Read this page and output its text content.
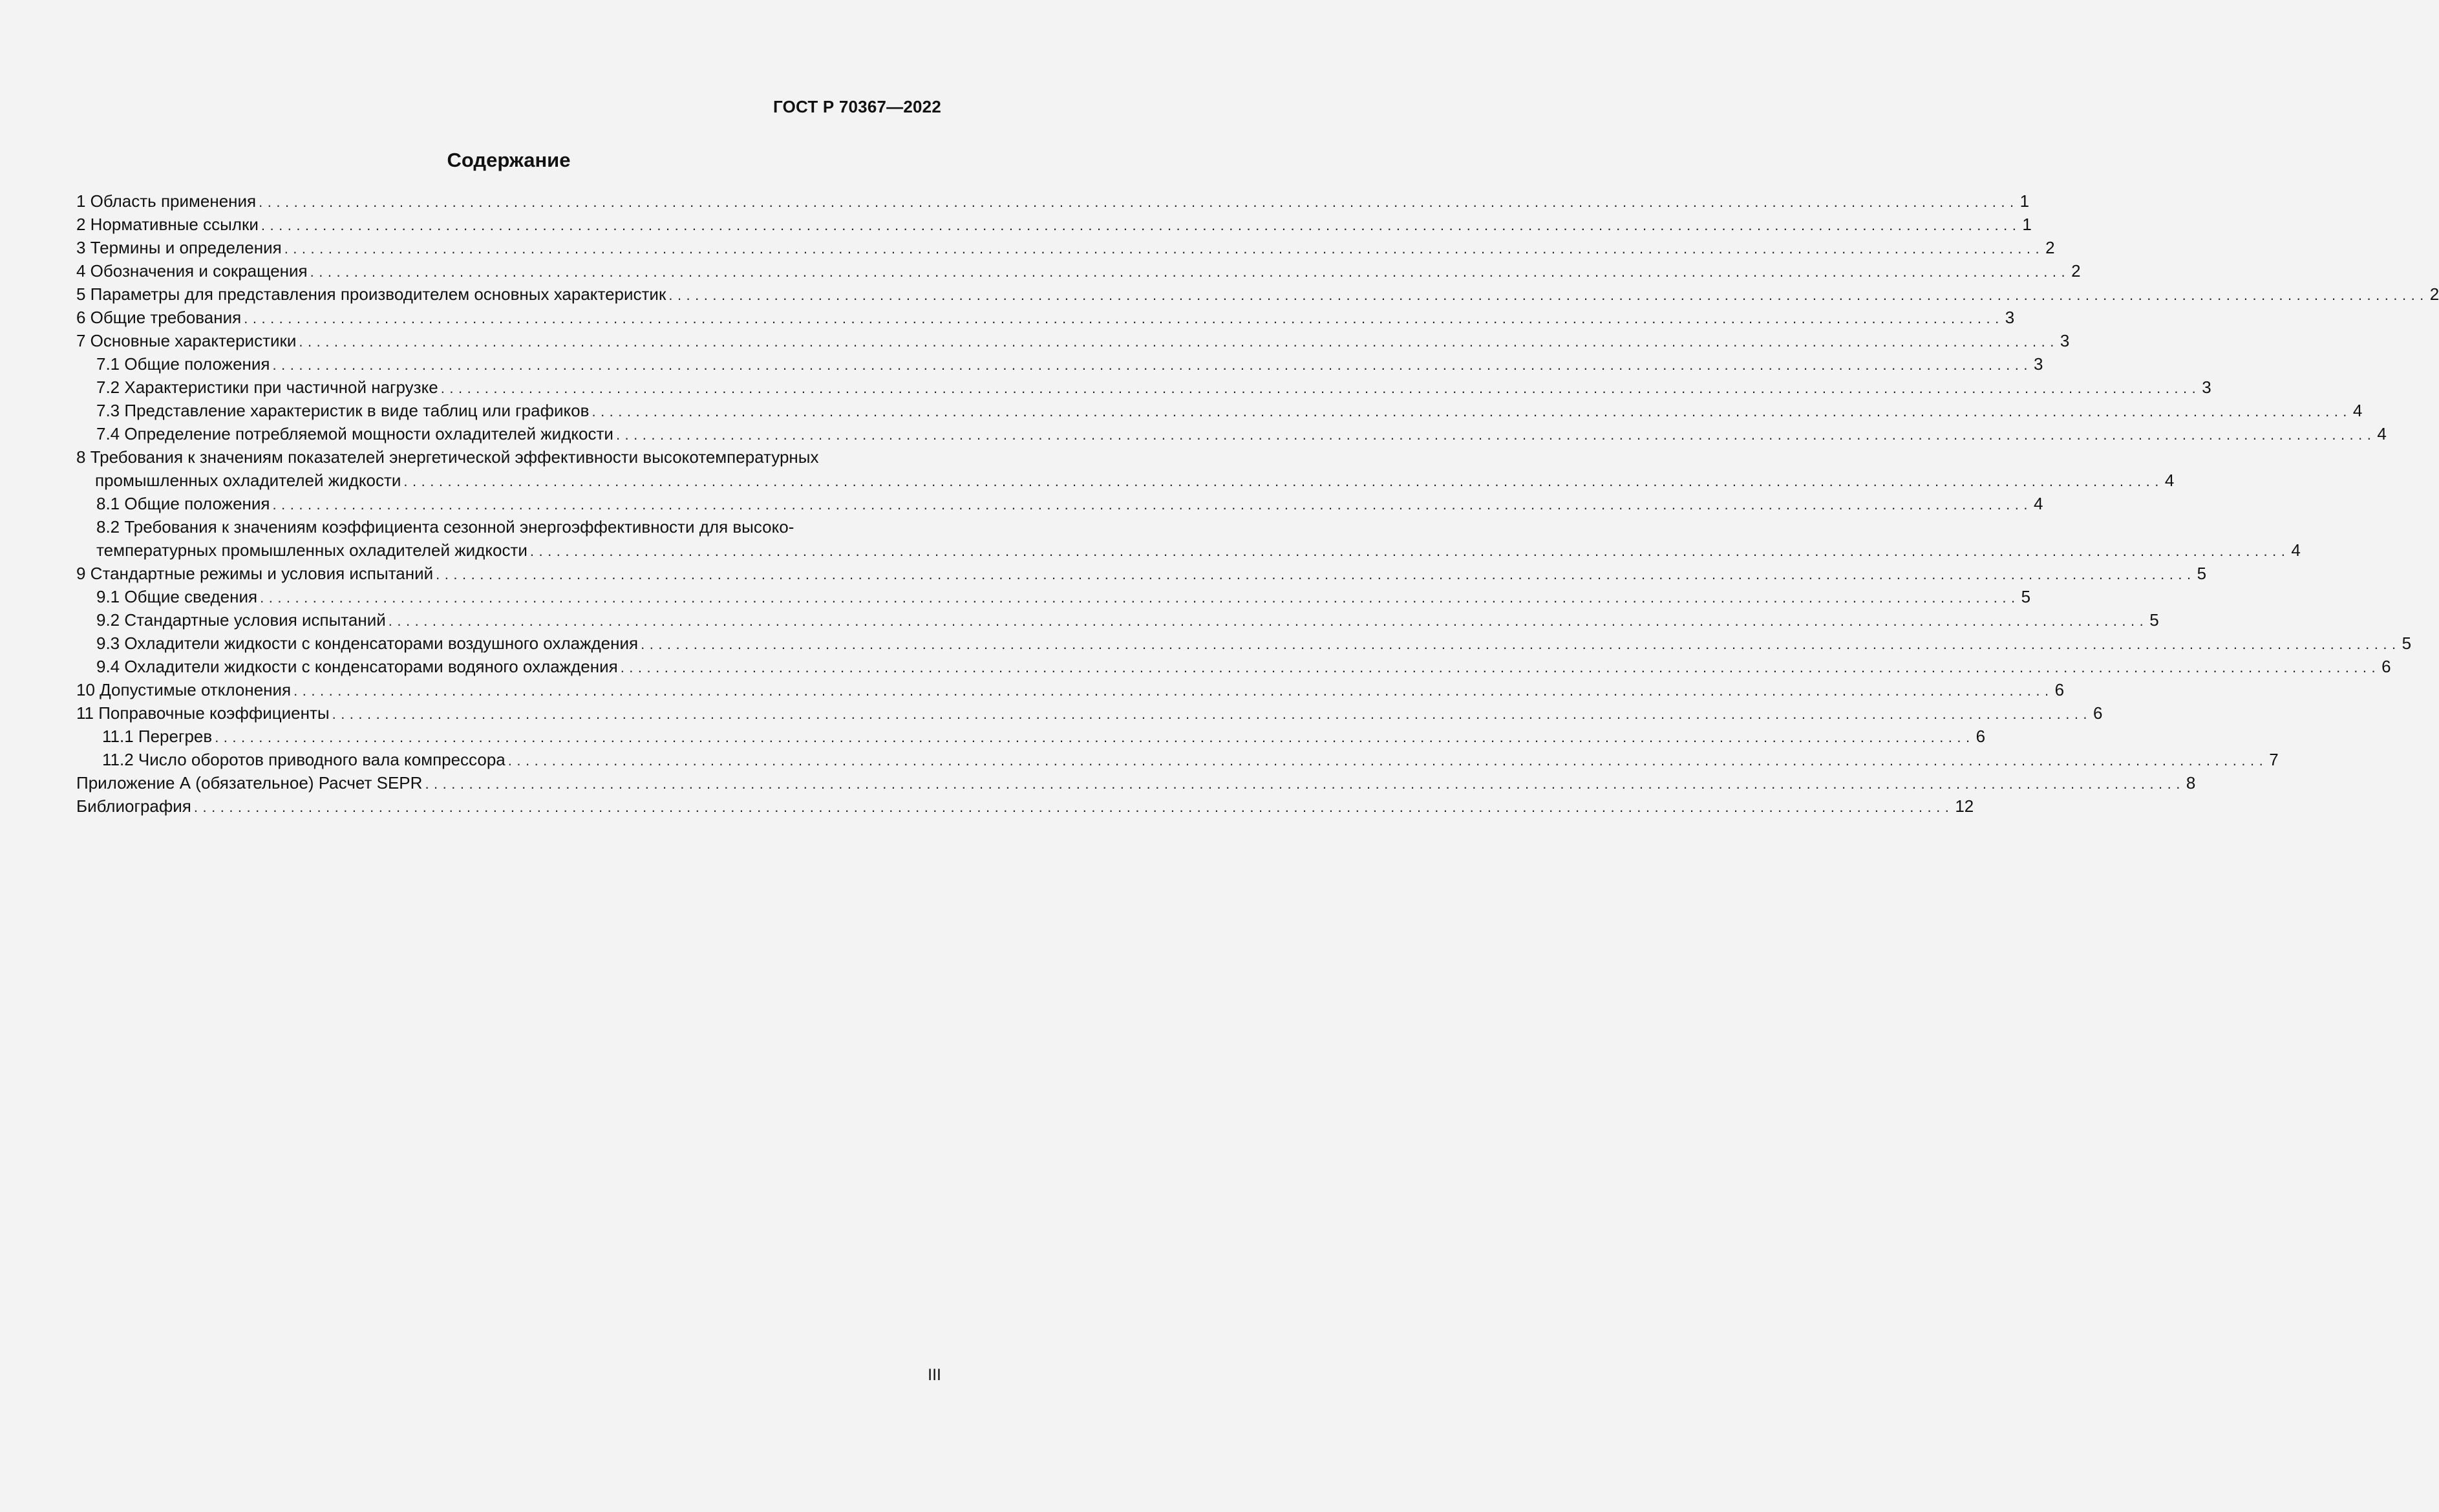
ГОСТ Р 70367—2022
Содержание
1 Область применения ........................................................................................................................................................................................................ 1
2 Нормативные ссылки ........................................................................................................................................................................................................ 1
3 Термины и определения ........................................................................................................................................................................................................ 2
4 Обозначения и сокращения ........................................................................................................................................................................................................ 2
5 Параметры для представления производителем основных характеристик ........................................................................................................................................................................................................ 2
6 Общие требования ........................................................................................................................................................................................................ 3
7 Основные характеристики ........................................................................................................................................................................................................ 3
7.1 Общие положения ........................................................................................................................................................................................................ 3
7.2 Характеристики при частичной нагрузке ........................................................................................................................................................................................................ 3
7.3 Представление характеристик в виде таблиц или графиков ........................................................................................................................................................................................................ 4
7.4 Определение потребляемой мощности охладителей жидкости ........................................................................................................................................................................................................ 4
8 Требования к значениям показателей энергетической эффективности высокотемпературных
промышленных охладителей жидкости ........................................................................................................................................................................................................ 4
8.1 Общие положения ........................................................................................................................................................................................................ 4
8.2 Требования к значениям коэффициента сезонной энергоэффективности для высоко-
температурных промышленных охладителей жидкости ........................................................................................................................................................................................................ 4
9 Стандартные режимы и условия испытаний ........................................................................................................................................................................................................ 5
9.1 Общие сведения ........................................................................................................................................................................................................ 5
9.2 Стандартные условия испытаний ........................................................................................................................................................................................................ 5
9.3 Охладители жидкости с конденсаторами воздушного охлаждения ........................................................................................................................................................................................................ 5
9.4 Охладители жидкости с конденсаторами водяного охлаждения ........................................................................................................................................................................................................ 6
10 Допустимые отклонения ........................................................................................................................................................................................................ 6
11 Поправочные коэффициенты ........................................................................................................................................................................................................ 6
11.1 Перегрев ........................................................................................................................................................................................................ 6
11.2 Число оборотов приводного вала компрессора ........................................................................................................................................................................................................ 7
Приложение А (обязательное) Расчет SEPR ........................................................................................................................................................................................................ 8
Библиография ........................................................................................................................................................................................................ 12
III
